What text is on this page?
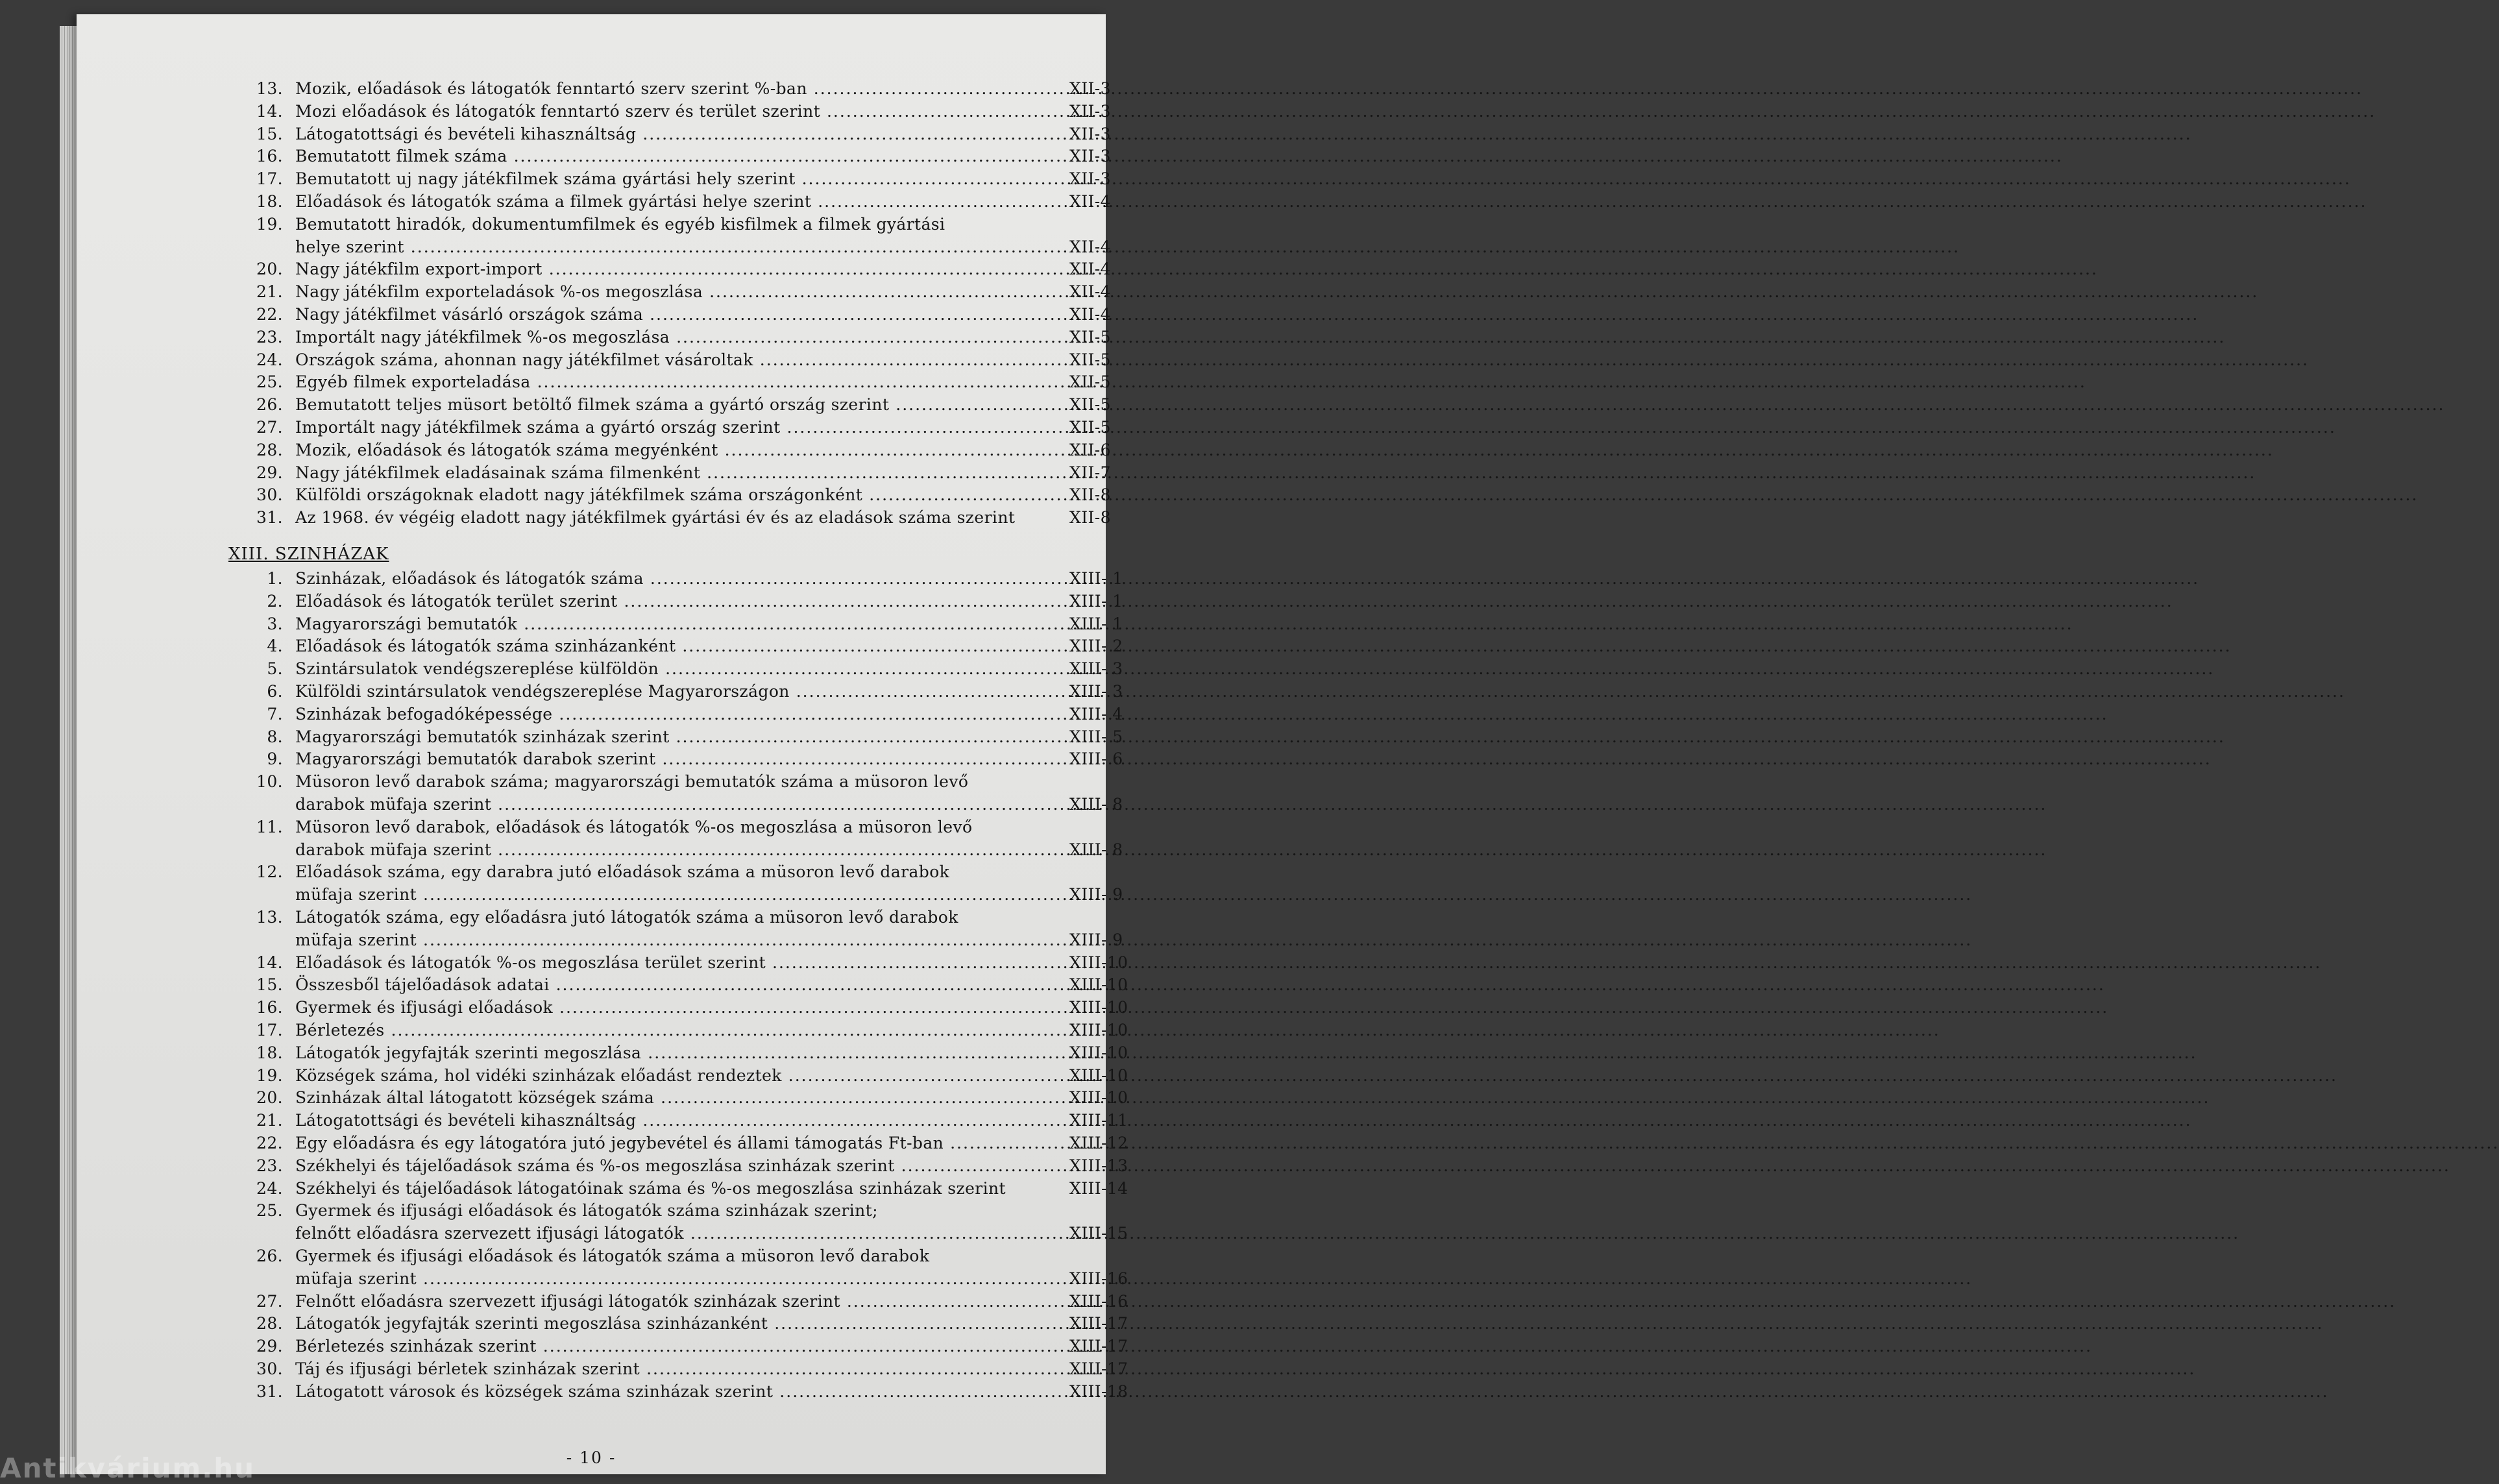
13. Mozik, előadások és látogatók fenntartó szerv szerint %-ban .....	XII-3
14. Mozi előadások és látogatók fenntartó szerv és terület szerint .....	XII-3
15. Látogatottsági és bevételi kihasználtság .....	XII-3
16. Bemutatott filmek száma .....	XII-3
17. Bemutatott uj nagy játékfilmek száma gyártási hely szerint .....	XII-3
18. Előadások és látogatók száma a filmek gyártási helye szerint .....	XII-4
19. Bemutatott hiradók, dokumentumfilmek és egyéb kisfilmek a filmek gyártási
helye szerint .....	XII-4
20. Nagy játékfilm export-import .....	XII-4
21. Nagy játékfilm exporteladások %-os megoszlása .....	XII-4
22. Nagy játékfilmet vásárló országok száma .....	XII-4
23. Importált nagy játékfilmek %-os megoszlása .....	XII-5
24. Országok száma, ahonnan nagy játékfilmet vásároltak .....	XII-5
25. Egyéb filmek exporteladása .....	XII-5
26. Bemutatott teljes müsort betöltő filmek száma a gyártó ország szerint .....	XII-5
27. Importált nagy játékfilmek száma a gyártó ország szerint .....	XII-5
28. Mozik, előadások és látogatók száma megyénként .....	XII-6
29. Nagy játékfilmek eladásainak száma filmenként .....	XII-7
30. Külföldi országoknak eladott nagy játékfilmek száma országonként .....	XII-8
31. Az 1968. év végéig eladott nagy játékfilmek gyártási év és az eladások száma szerint	XII-8
XIII. SZINHÁZAK
1. Szinházak, előadások és látogatók száma .....	XIII- 1
2. Előadások és látogatók terület szerint .....	XIII- 1
3. Magyarországi bemutatók .....	XIII- 1
4. Előadások és látogatók száma szinházanként .....	XIII- 2
5. Szintársulatok vendégszereplése külföldön .....	XIII- 3
6. Külföldi szintársulatok vendégszereplése Magyarországon .....	XIII- 3
7. Szinházak befogadóképessége .....	XIII- 4
8. Magyarországi bemutatók szinházak szerint .....	XIII- 5
9. Magyarországi bemutatók darabok szerint .....	XIII- 6
10. Müsoron levő darabok száma; magyarországi bemutatók száma a müsoron levő
darabok müfaja szerint .....	XIII- 8
11. Müsoron levő darabok, előadások és látogatók %-os megoszlása a müsoron levő
darabok müfaja szerint .....	XIII- 8
12. Előadások száma, egy darabra jutó előadások száma a müsoron levő darabok
müfaja szerint .....	XIII- 9
13. Látogatók száma, egy előadásra jutó látogatók száma a müsoron levő darabok
müfaja szerint .....	XIII- 9
14. Előadások és látogatók %-os megoszlása terület szerint .....	XIII-10
15. Összesből tájelőadások adatai .....	XIII-10
16. Gyermek és ifjusági előadások .....	XIII-10
17. Bérletezés .....	XIII-10
18. Látogatók jegyfajták szerinti megoszlása .....	XIII-10
19. Községek száma, hol vidéki szinházak előadást rendeztek .....	XIII-10
20. Szinházak által látogatott községek száma .....	XIII-10
21. Látogatottsági és bevételi kihasználtság .....	XIII-11
22. Egy előadásra és egy látogatóra jutó jegybevétel és állami támogatás Ft-ban .....	XIII-12
23. Székhelyi és tájelőadások száma és %-os megoszlása szinházak szerint .....	XIII-13
24. Székhelyi és tájelőadások látogatóinak száma és %-os megoszlása szinházak szerint	XIII-14
25. Gyermek és ifjusági előadások és látogatók száma szinházak szerint;
felnőtt előadásra szervezett ifjusági látogatók .....	XIII-15
26. Gyermek és ifjusági előadások és látogatók száma a müsoron levő darabok
müfaja szerint .....	XIII-16
27. Felnőtt előadásra szervezett ifjusági látogatók szinházak szerint .....	XIII-16
28. Látogatók jegyfajták szerinti megoszlása szinházanként .....	XIII-17
29. Bérletezés szinházak szerint .....	XIII-17
30. Táj és ifjusági bérletek szinházak szerint .....	XIII-17
31. Látogatott városok és községek száma szinházak szerint .....	XIII-18
- 10 -
Antikvárium.hu
